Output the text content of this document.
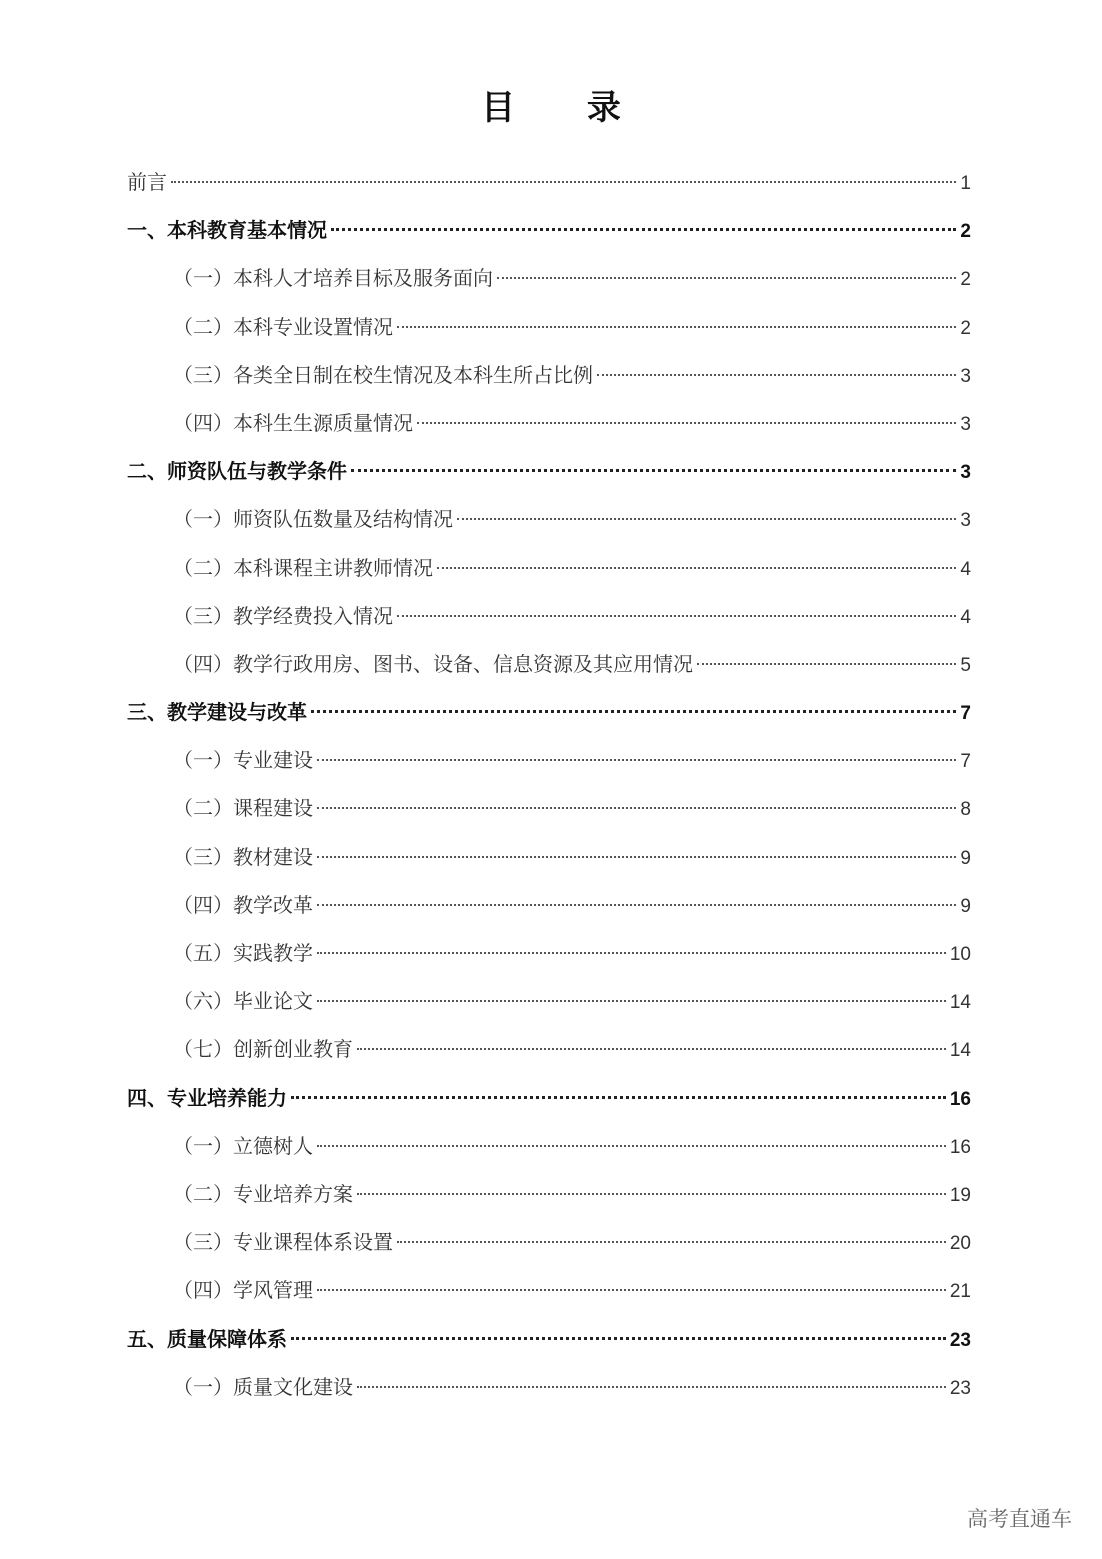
目 录
前言	1
一、本科教育基本情况	2
（一）本科人才培养目标及服务面向	2
（二）本科专业设置情况	2
（三）各类全日制在校生情况及本科生所占比例	3
（四）本科生生源质量情况	3
二、师资队伍与教学条件	3
（一）师资队伍数量及结构情况	3
（二）本科课程主讲教师情况	4
（三）教学经费投入情况	4
（四）教学行政用房、图书、设备、信息资源及其应用情况	5
三、教学建设与改革	7
（一）专业建设	7
（二）课程建设	8
（三）教材建设	9
（四）教学改革	9
（五）实践教学	10
（六）毕业论文	14
（七）创新创业教育	14
四、专业培养能力	16
（一）立德树人	16
（二）专业培养方案	19
（三）专业课程体系设置	20
（四）学风管理	21
五、质量保障体系	23
（一）质量文化建设	23
高考直通车
